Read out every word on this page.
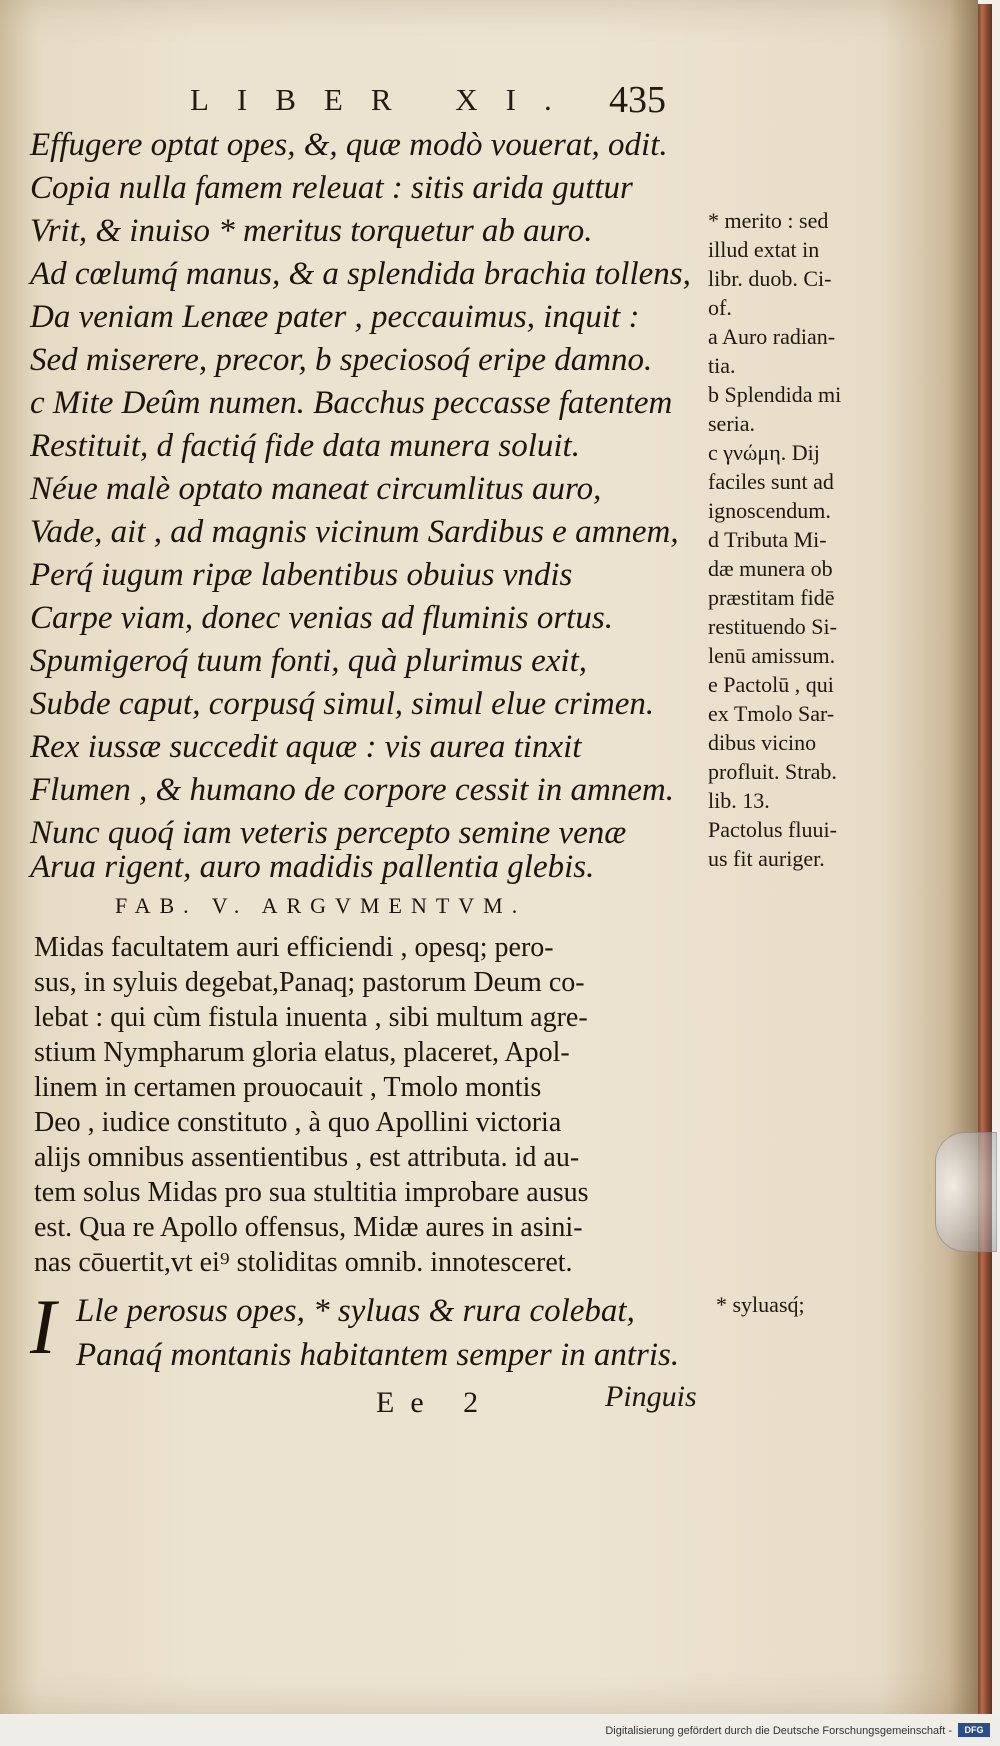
LIBER XI. 435
Effugere optat opes, &, quæ modò vouerat, odit.
Copia nulla famem releuat : sitis arida guttur
Vrit, & inuiso * meritus torquetur ab auro.
Ad cœlumq́ manus, & a splendida brachia tollens,
Da veniam Lenæe pater , peccauimus, inquit :
Sed miserere, precor, b speciosoq́ eripe damno.
c Mite Deûm numen. Bacchus peccasse fatentem
Restituit, d factiq́ fide data munera soluit.
Néue malè optato maneat circumlitus auro,
Vade, ait , ad magnis vicinum Sardibus e amnem,
Perq́ iugum ripæ labentibus obuius vndis
Carpe viam, donec venias ad fluminis ortus.
Spumigeroq́ tuum fonti, quà plurimus exit,
Subde caput, corpusq́ simul, simul elue crimen.
Rex iussæ succedit aquæ : vis aurea tinxit
Flumen , & humano de corpore cessit in amnem.
Nunc quoq́ iam veteris percepto semine venæ
Arua rigent, auro madidis pallentia glebis.
* merito : sed
illud extat in
libr. duob. Ci-
of.
a Auro radian-
tia.
b Splendida mi
seria.
c γνώμη. Dij
faciles sunt ad
ignoscendum.
d Tributa Mi-
dæ munera ob
præstitam fidē
restituendo Si-
lenū amissum.
e Pactolū , qui
ex Tmolo Sar-
dibus vicino
profluit. Strab.
lib. 13.
Pactolus fluui-
us fit auriger.
FAB. V. ARGVMENTVM.
Midas facultatem auri efficiendi , opesq; pero-
sus, in syluis degebat,Panaq; pastorum Deum co-
lebat : qui cùm fistula inuenta , sibi multum agre-
stium Nympharum gloria elatus, placeret, Apol-
linem in certamen prouocauit , Tmolo montis
Deo , iudice constituto , à quo Apollini victoria
alijs omnibus assentientibus , est attributa. id au-
tem solus Midas pro sua stultitia improbare ausus
est. Qua re Apollo offensus, Midæ aures in asini-
nas cōuertit,vt ei⁹ stoliditas omnib. innotesceret.
I Lle perosus opes, * syluas & rura colebat,
Panaq́ montanis habitantem semper in antris.
* syluasq́;
Ee 2	Pinguis
Digitalisierung gefördert durch die Deutsche Forschungsgemeinschaft -	DFG
